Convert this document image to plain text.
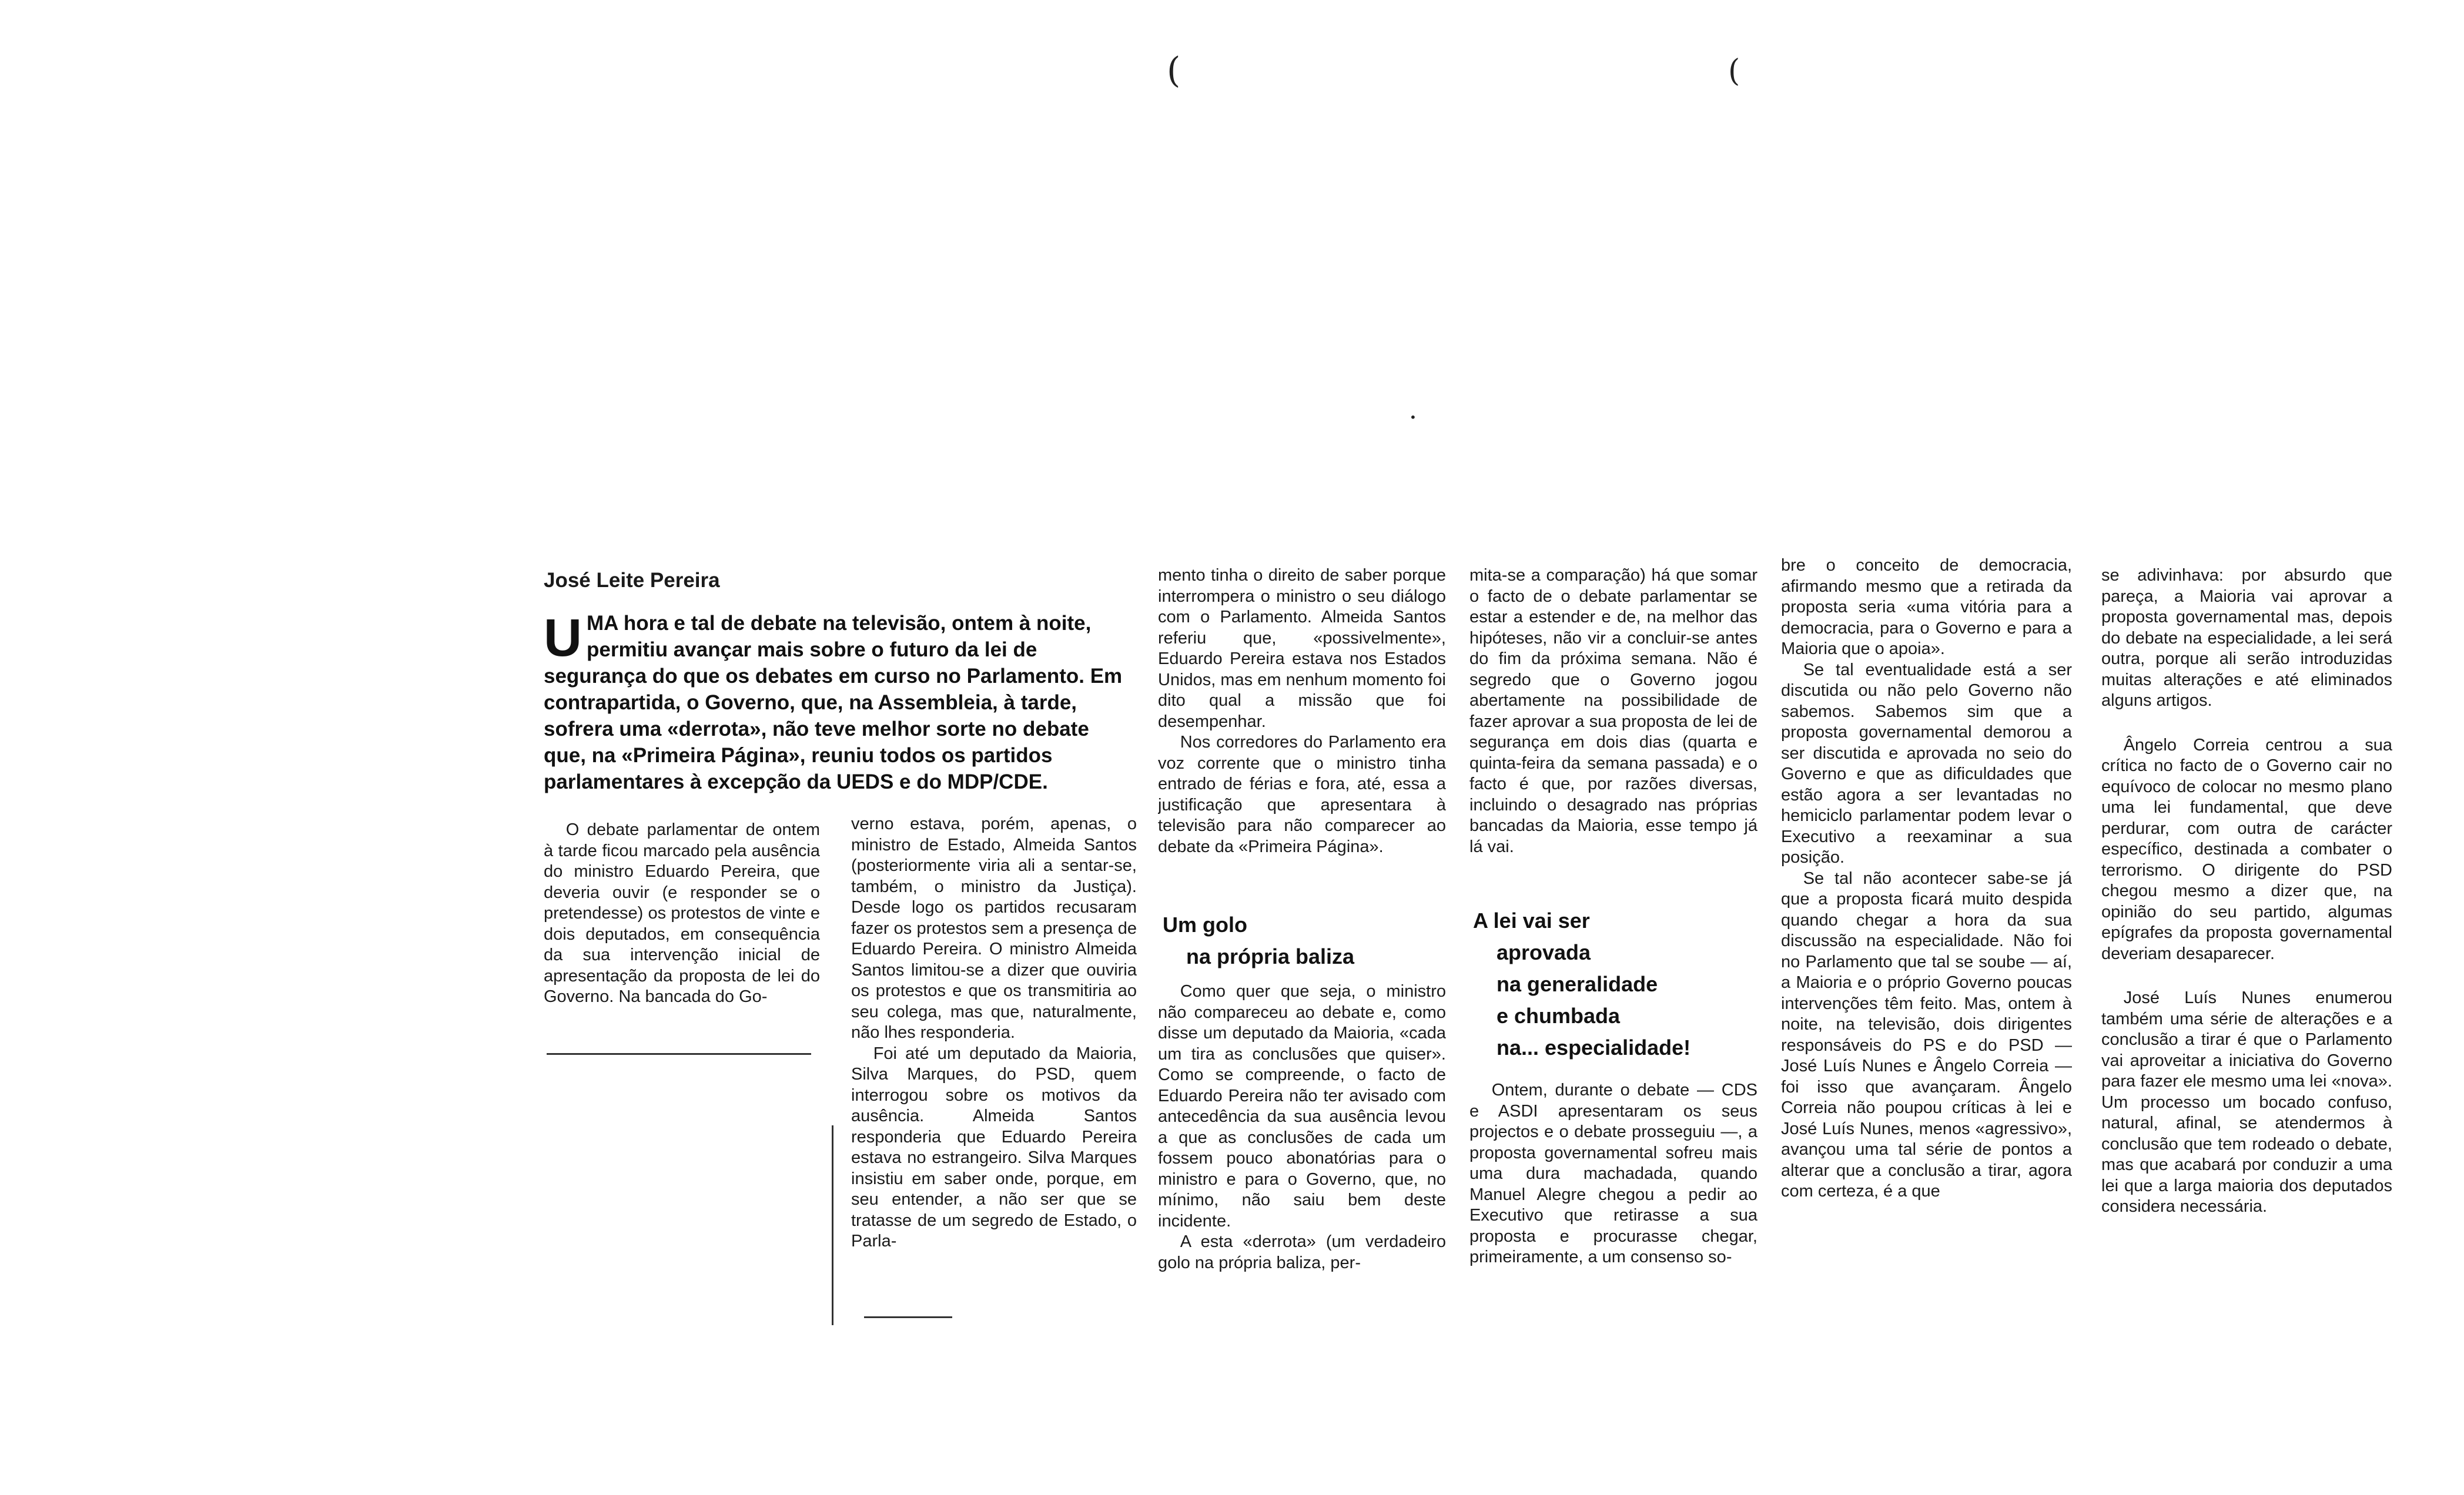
(	(
•
José Leite Pereira

UMA hora e tal de debate na televisão, ontem à noite, permitiu avançar mais sobre o futuro da lei de segurança do que os debates em curso no Parlamento. Em contrapartida, o Governo, que, na Assembleia, à tarde, sofrera uma «derrota», não teve melhor sorte no debate que, na «Primeira Página», reuniu todos os partidos parlamentares à excepção da UEDS e do MDP/CDE.

O debate parlamentar de ontem à tarde ficou marcado pela ausência do ministro Eduardo Pereira, que deveria ouvir (e responder se o pretendesse) os protestos de vinte e dois deputados, em consequência da sua intervenção inicial de apresentação da proposta de lei do Governo. Na bancada do Go-

verno estava, porém, apenas, o ministro de Estado, Almeida Santos (posteriormente viria ali a sentar-se, também, o ministro da Justiça). Desde logo os partidos recusaram fazer os protestos sem a presença de Eduardo Pereira. O ministro Almeida Santos limitou-se a dizer que ouviria os protestos e que os transmitiria ao seu colega, mas que, naturalmente, não lhes responderia.

Foi até um deputado da Maioria, Silva Marques, do PSD, quem interrogou sobre os motivos da ausência. Almeida Santos responderia que Eduardo Pereira estava no estrangeiro. Silva Marques insistiu em saber onde, porque, em seu entender, a não ser que se tratasse de um segredo de Estado, o Parla-

mento tinha o direito de saber porque interrompera o ministro o seu diálogo com o Parlamento. Almeida Santos referiu que, «possivelmente», Eduardo Pereira estava nos Estados Unidos, mas em nenhum momento foi dito qual a missão que foi desempenhar.

Nos corredores do Parlamento era voz corrente que o ministro tinha entrado de férias e fora, até, essa a justificação que apresentara à televisão para não comparecer ao debate da «Primeira Página».

Um golo
na própria baliza

Como quer que seja, o ministro não compareceu ao debate e, como disse um deputado da Maioria, «cada um tira as conclusões que quiser». Como se compreende, o facto de Eduardo Pereira não ter avisado com antecedência da sua ausência levou a que as conclusões de cada um fossem pouco abonatórias para o ministro e para o Governo, que, no mínimo, não saiu bem deste incidente.

A esta «derrota» (um verdadeiro golo na própria baliza, per-

mita-se a comparação) há que somar o facto de o debate parlamentar se estar a estender e de, na melhor das hipóteses, não vir a concluir-se antes do fim da próxima semana. Não é segredo que o Governo jogou abertamente na possibilidade de fazer aprovar a sua proposta de lei de segurança em dois dias (quarta e quinta-feira da semana passada) e o facto é que, por razões diversas, incluindo o desagrado nas próprias bancadas da Maioria, esse tempo já lá vai.

A lei vai ser
aprovada
na generalidade
e chumbada
na... especialidade!

Ontem, durante o debate — CDS e ASDI apresentaram os seus projectos e o debate prosseguiu —, a proposta governamental sofreu mais uma dura machadada, quando Manuel Alegre chegou a pedir ao Executivo que retirasse a sua proposta e procurasse chegar, primeiramente, a um consenso so-

bre o conceito de democracia, afirmando mesmo que a retirada da proposta seria «uma vitória para a democracia, para o Governo e para a Maioria que o apoia».

Se tal eventualidade está a ser discutida ou não pelo Governo não sabemos. Sabemos sim que a proposta governamental demorou a ser discutida e aprovada no seio do Governo e que as dificuldades que estão agora a ser levantadas no hemiciclo parlamentar podem levar o Executivo a reexaminar a sua posição.

Se tal não acontecer sabe-se já que a proposta ficará muito despida quando chegar a hora da sua discussão na especialidade. Não foi no Parlamento que tal se soube — aí, a Maioria e o próprio Governo poucas intervenções têm feito. Mas, ontem à noite, na televisão, dois dirigentes responsáveis do PS e do PSD — José Luís Nunes e Ângelo Correia — foi isso que avançaram. Ângelo Correia não poupou críticas à lei e José Luís Nunes, menos «agressivo», avançou uma tal série de pontos a alterar que a conclusão a tirar, agora com certeza, é a que

se adivinhava: por absurdo que pareça, a Maioria vai aprovar a proposta governamental mas, depois do debate na especialidade, a lei será outra, porque ali serão introduzidas muitas alterações e até eliminados alguns artigos.

Ângelo Correia centrou a sua crítica no facto de o Governo cair no equívoco de colocar no mesmo plano uma lei fundamental, que deve perdurar, com outra de carácter específico, destinada a combater o terrorismo. O dirigente do PSD chegou mesmo a dizer que, na opinião do seu partido, algumas epígrafes da proposta governamental deveriam desaparecer.

José Luís Nunes enumerou também uma série de alterações e a conclusão a tirar é que o Parlamento vai aproveitar a iniciativa do Governo para fazer ele mesmo uma lei «nova». Um processo um bocado confuso, natural, afinal, se atendermos à conclusão que tem rodeado o debate, mas que acabará por conduzir a uma lei que a larga maioria dos deputados considera necessária.
